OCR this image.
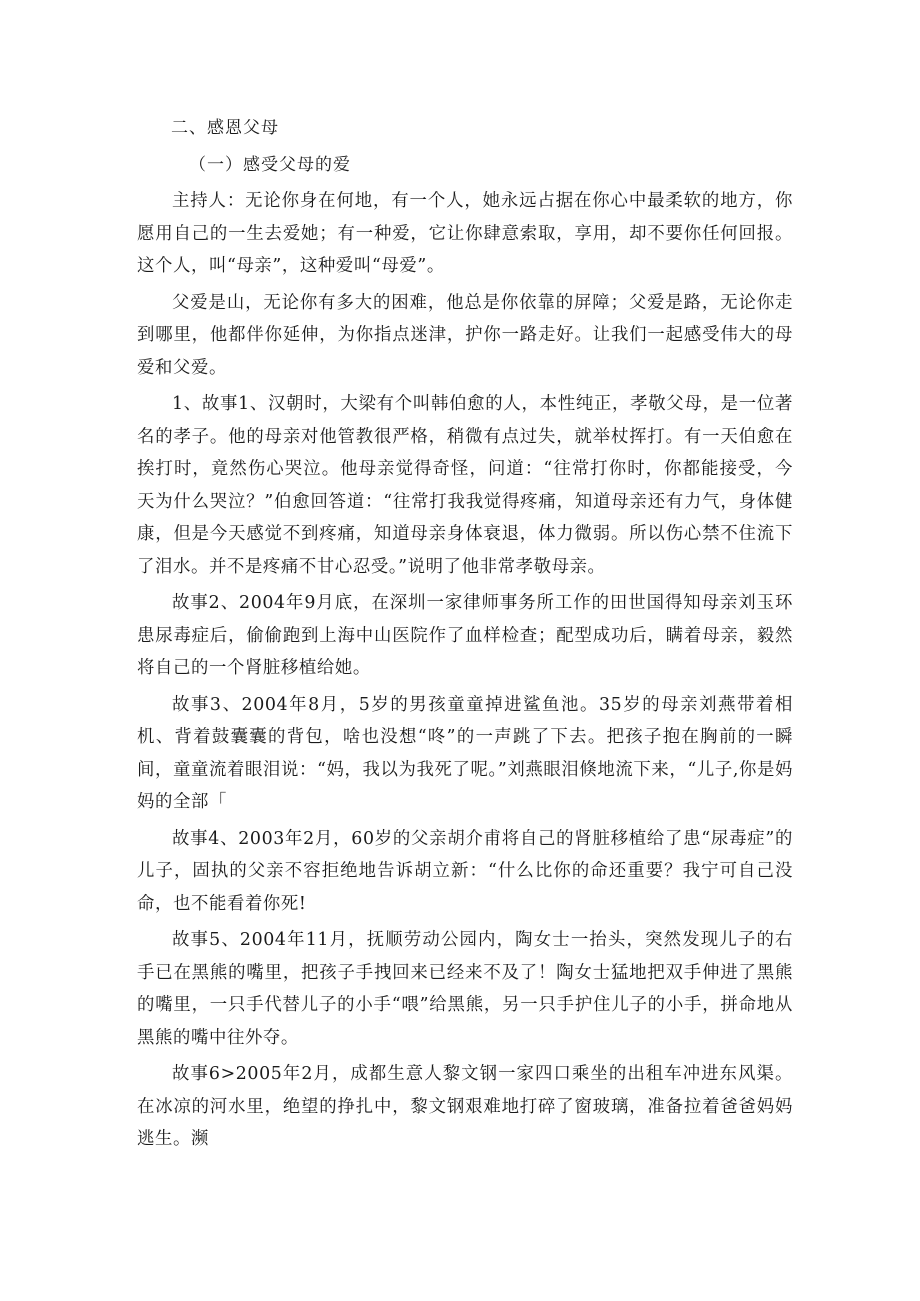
二、感恩父母

（一）感受父母的爱

主持人：无论你身在何地，有一个人，她永远占据在你心中最柔软的地方，你愿用自己的一生去爱她；有一种爱，它让你肆意索取，享用，却不要你任何回报。这个人，叫“母亲”，这种爱叫“母爱”。

父爱是山，无论你有多大的困难，他总是你依靠的屏障；父爱是路，无论你走到哪里，他都伴你延伸，为你指点迷津，护你一路走好。让我们一起感受伟大的母爱和父爱。

1、故事1、汉朝时，大梁有个叫韩伯愈的人，本性纯正，孝敬父母，是一位著名的孝子。他的母亲对他管教很严格，稍微有点过失，就举杖挥打。有一天伯愈在挨打时，竟然伤心哭泣。他母亲觉得奇怪，问道：“往常打你时，你都能接受，今天为什么哭泣？”伯愈回答道：“往常打我我觉得疼痛，知道母亲还有力气，身体健康，但是今天感觉不到疼痛，知道母亲身体衰退，体力微弱。所以伤心禁不住流下了泪水。并不是疼痛不甘心忍受。”说明了他非常孝敬母亲。

故事2、2004年9月底，在深圳一家律师事务所工作的田世国得知母亲刘玉环患尿毒症后，偷偷跑到上海中山医院作了血样检查；配型成功后，瞒着母亲，毅然将自己的一个肾脏移植给她。

故事3、2004年8月，5岁的男孩童童掉进鲨鱼池。35岁的母亲刘燕带着相机、背着鼓囊囊的背包，啥也没想“咚”的一声跳了下去。把孩子抱在胸前的一瞬间，童童流着眼泪说：“妈，我以为我死了呢。”刘燕眼泪倏地流下来，“儿子,你是妈妈的全部「

故事4、2003年2月，60岁的父亲胡介甫将自己的肾脏移植给了患“尿毒症”的儿子，固执的父亲不容拒绝地告诉胡立新：“什么比你的命还重要？我宁可自己没命，也不能看着你死!

故事5、2004年11月，抚顺劳动公园内，陶女士一抬头，突然发现儿子的右手已在黑熊的嘴里，把孩子手拽回来已经来不及了！陶女士猛地把双手伸进了黑熊的嘴里，一只手代替儿子的小手“喂”给黑熊，另一只手护住儿子的小手，拼命地从黑熊的嘴中往外夺。

故事6>2005年2月，成都生意人黎文钢一家四口乘坐的出租车冲进东风渠。在冰凉的河水里，绝望的挣扎中，黎文钢艰难地打碎了窗玻璃，准备拉着爸爸妈妈逃生。濒
